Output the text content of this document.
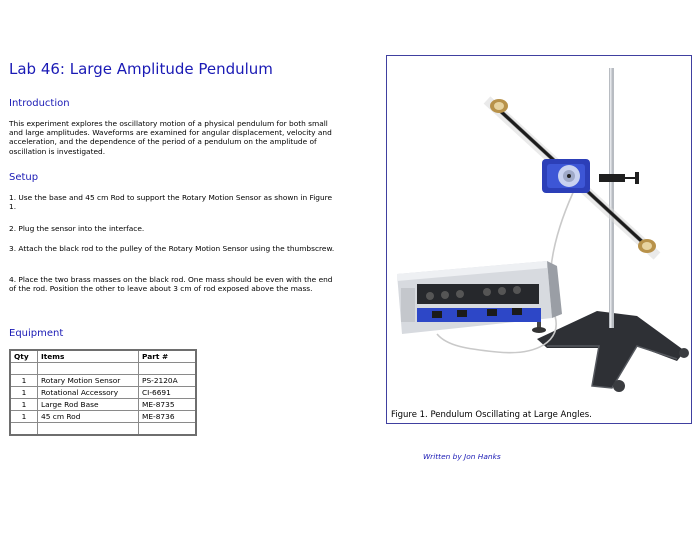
Lab 46: Large Amplitude Pendulum
Introduction

This experiment explores the oscillatory motion of a physical pendulum for both small and large amplitudes. Waveforms are examined for angular displacement, velocity and acceleration, and the dependence of the period of a pendulum on the amplitude of oscillation is investigated.

Setup

1. Use the base and 45 cm Rod to support the Rotary Motion Sensor as shown in Figure 1.

2. Plug the sensor into the interface.

3. Attach the black rod to the pulley of the Rotary Motion Sensor using the thumbscrew.

4. Place the two brass masses on the black rod. One mass should be even with the end of the rod. Position the other to leave about 3 cm of rod exposed above the mass.

Equipment
Qty	Items	Part #

1	Rotary Motion Sensor	PS-2120A
1	Rotational Accessory	CI-6691
1	Large Rod Base	ME-8735
1	45 cm Rod	ME-8736
			Figure 1. Pendulum Oscillating at Large Angles.
Written by Jon Hanks
